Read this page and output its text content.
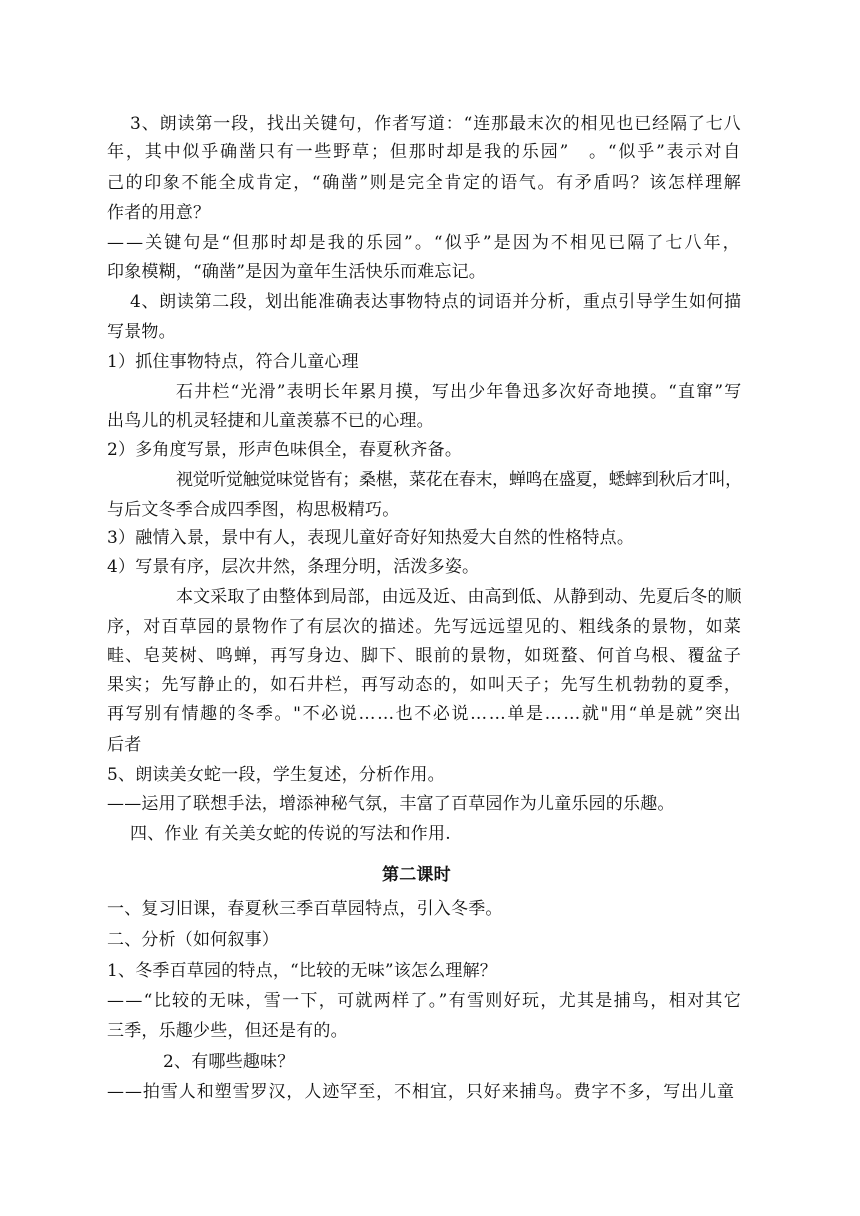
3、朗读第一段，找出关键句，作者写道：“连那最末次的相见也已经隔了七八
年，其中似乎确凿只有一些野草；但那时却是我的乐园”　。“似乎”表示对自
己的印象不能全成肯定，“确凿”则是完全肯定的语气。有矛盾吗？该怎样理解
作者的用意？
——关键句是“但那时却是我的乐园”。“似乎”是因为不相见已隔了七八年，
印象模糊，“确凿”是因为童年生活快乐而难忘记。
4、朗读第二段，划出能准确表达事物特点的词语并分析，重点引导学生如何描
写景物。
1）抓住事物特点，符合儿童心理
石井栏“光滑”表明长年累月摸，写出少年鲁迅多次好奇地摸。“直窜”写
出鸟儿的机灵轻捷和儿童羡慕不已的心理。
2）多角度写景，形声色味俱全，春夏秋齐备。
视觉听觉触觉味觉皆有；桑椹，菜花在春末，蝉鸣在盛夏，蟋蟀到秋后才叫，
与后文冬季合成四季图，构思极精巧。
3）融情入景，景中有人，表现儿童好奇好知热爱大自然的性格特点。
4）写景有序，层次井然，条理分明，活泼多姿。
本文采取了由整体到局部，由远及近、由高到低、从静到动、先夏后冬的顺
序，对百草园的景物作了有层次的描述。先写远远望见的、粗线条的景物，如菜
畦、皂荚树、鸣蝉，再写身边、脚下、眼前的景物，如斑蝥、何首乌根、覆盆子
果实；先写静止的，如石井栏，再写动态的，如叫天子；先写生机勃勃的夏季，
再写别有情趣的冬季。"不必说……也不必说……单是……就"用“单是就”突出
后者
5、朗读美女蛇一段，学生复述，分析作用。
——运用了联想手法，增添神秘气氛，丰富了百草园作为儿童乐园的乐趣。
四、作业 有关美女蛇的传说的写法和作用.
第二课时
一、复习旧课，春夏秋三季百草园特点，引入冬季。
二、分析（如何叙事）
1、冬季百草园的特点，“比较的无味”该怎么理解？
——“比较的无味，雪一下，可就两样了。”有雪则好玩，尤其是捕鸟，相对其它
三季，乐趣少些，但还是有的。
2、有哪些趣味？
——拍雪人和塑雪罗汉，人迹罕至，不相宜，只好来捕鸟。费字不多，写出儿童
